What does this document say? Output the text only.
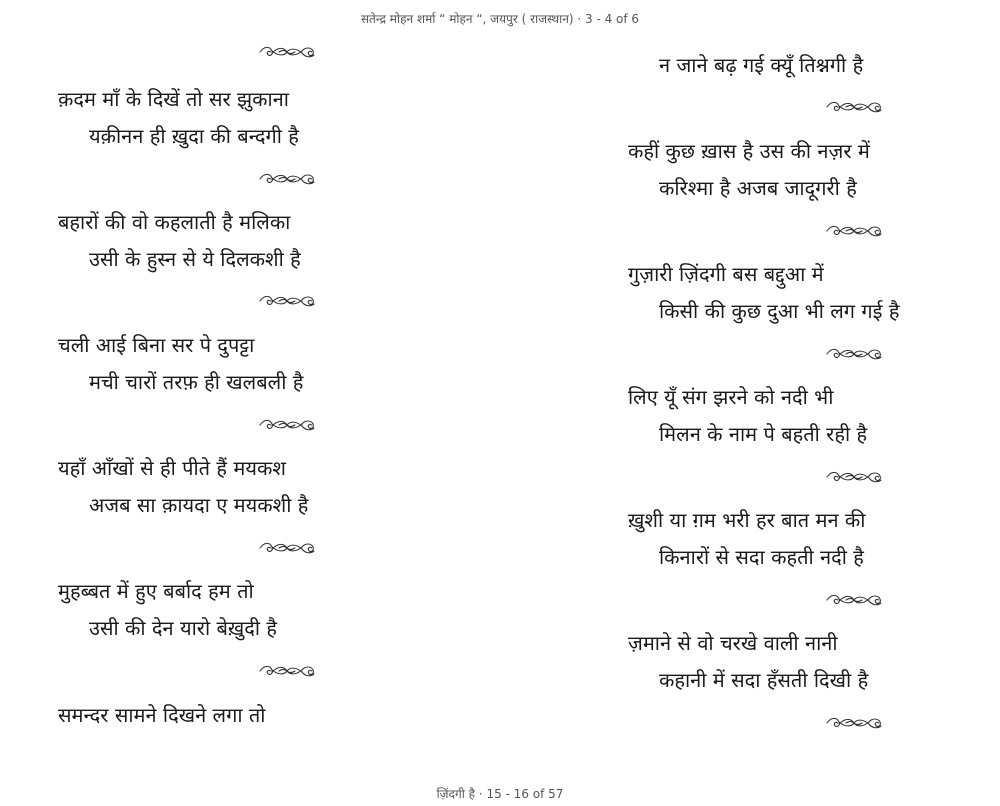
सतेन्द्र मोहन शर्मा “ मोहन “, जयपुर ( राजस्थान) · 3 - 4 of 6
क़दम माँ के दिखें तो सर झुकाना
यक़ीनन ही ख़ुदा की बन्दगी है
बहारों की वो कहलाती है मलिका
उसी के हुस्न से ये दिलकशी है
चली आई बिना सर पे दुपट्टा
मची चारों तरफ़ ही खलबली है
यहाँ आँखों से ही पीते हैं मयकश
अजब सा क़ायदा ए मयकशी है
मुहब्बत में हुए बर्बाद हम तो
उसी की देन यारो बेख़ुदी है
समन्दर सामने दिखने लगा तो
न जाने बढ़ गई क्यूँ तिश्नगी है
कहीं कुछ ख़ास है उस की नज़र में
करिश्मा है अजब जादूगरी है
गुज़ारी ज़िंदगी बस बद्दुआ में
किसी की कुछ दुआ भी लग गई है
लिए यूँ संग झरने को नदी भी
मिलन के नाम पे बहती रही है
ख़ुशी या ग़म भरी हर बात मन की
किनारों से सदा कहती नदी है
ज़माने से वो चरखे वाली नानी
कहानी में सदा हँसती दिखी है
ज़िंदगी है · 15 - 16 of 57
